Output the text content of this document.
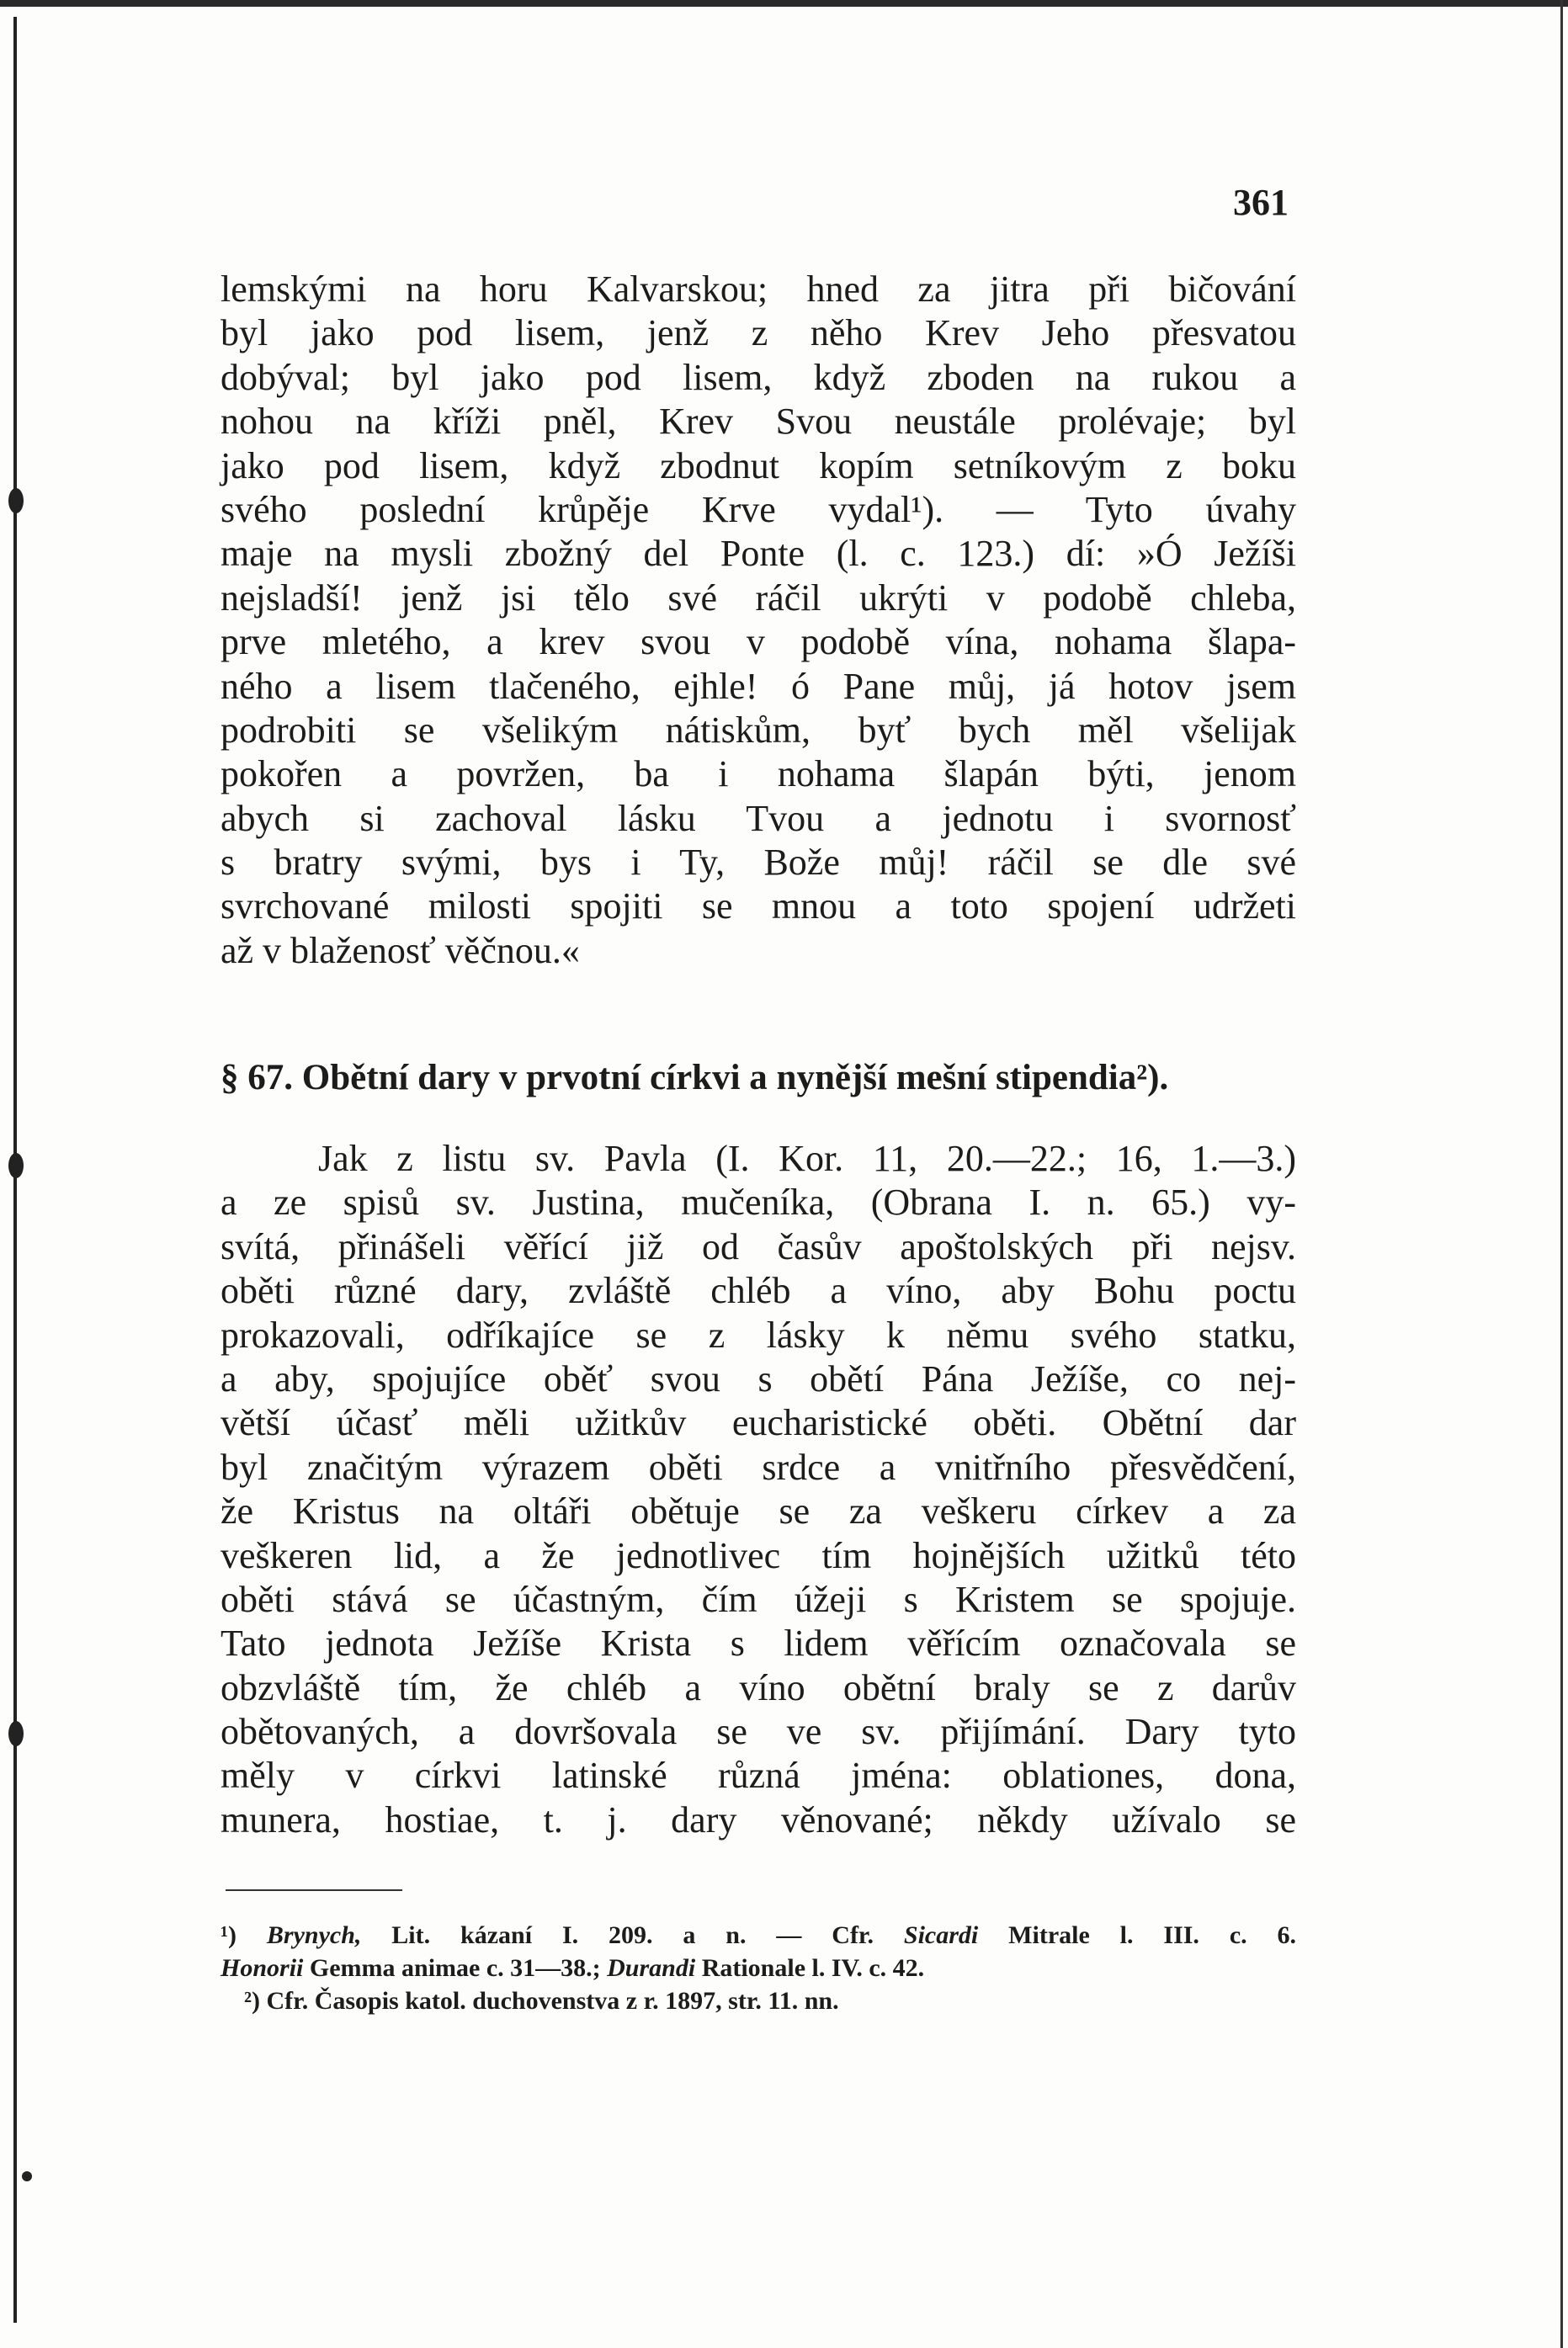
361
lemskými na horu Kalvarskou; hned za jitra při bičování
byl jako pod lisem, jenž z něho Krev Jeho přesvatou
dobýval; byl jako pod lisem, když zboden na rukou a
nohou na kříži pněl, Krev Svou neustále prolévaje; byl
jako pod lisem, když zbodnut kopím setníkovým z boku
svého poslední krůpěje Krve vydal¹). — Tyto úvahy
maje na mysli zbožný del Ponte (l. c. 123.) dí: »Ó Ježíši
nejsladší! jenž jsi tělo své ráčil ukrýti v podobě chleba,
prve mletého, a krev svou v podobě vína, nohama šlapa-
ného a lisem tlačeného, ejhle! ó Pane můj, já hotov jsem
podrobiti se všelikým nátiskům, byť bych měl všelijak
pokořen a povržen, ba i nohama šlapán býti, jenom
abych si zachoval lásku Tvou a jednotu i svornosť
s bratry svými, bys i Ty, Bože můj! ráčil se dle své
svrchované milosti spojiti se mnou a toto spojení udržeti
až v blaženosť věčnou.«
§ 67. Obětní dary v prvotní církvi a nynější mešní stipendia²).
Jak z listu sv. Pavla (I. Kor. 11, 20.—22.; 16, 1.—3.)
a ze spisů sv. Justina, mučeníka, (Obrana I. n. 65.) vy-
svítá, přinášeli věřící již od časův apoštolských při nejsv.
oběti různé dary, zvláště chléb a víno, aby Bohu poctu
prokazovali, odříkajíce se z lásky k němu svého statku,
a aby, spojujíce oběť svou s obětí Pána Ježíše, co nej-
větší účasť měli užitkův eucharistické oběti. Obětní dar
byl značitým výrazem oběti srdce a vnitřního přesvědčení,
že Kristus na oltáři obětuje se za veškeru církev a za
veškeren lid, a že jednotlivec tím hojnějších užitků této
oběti stává se účastným, čím úžeji s Kristem se spojuje.
Tato jednota Ježíše Krista s lidem věřícím označovala se
obzvláště tím, že chléb a víno obětní braly se z darův
obětovaných, a dovršovala se ve sv. přijímání. Dary tyto
měly v církvi latinské různá jména: oblationes, dona,
munera, hostiae, t. j. dary věnované; někdy užívalo se
¹) Brynych, Lit. kázaní I. 209. a n. — Cfr. Sicardi Mitrale l. III. c. 6.
Honorii Gemma animae c. 31—38.; Durandi Rationale l. IV. c. 42.
²) Cfr. Časopis katol. duchovenstva z r. 1897, str. 11. nn.
